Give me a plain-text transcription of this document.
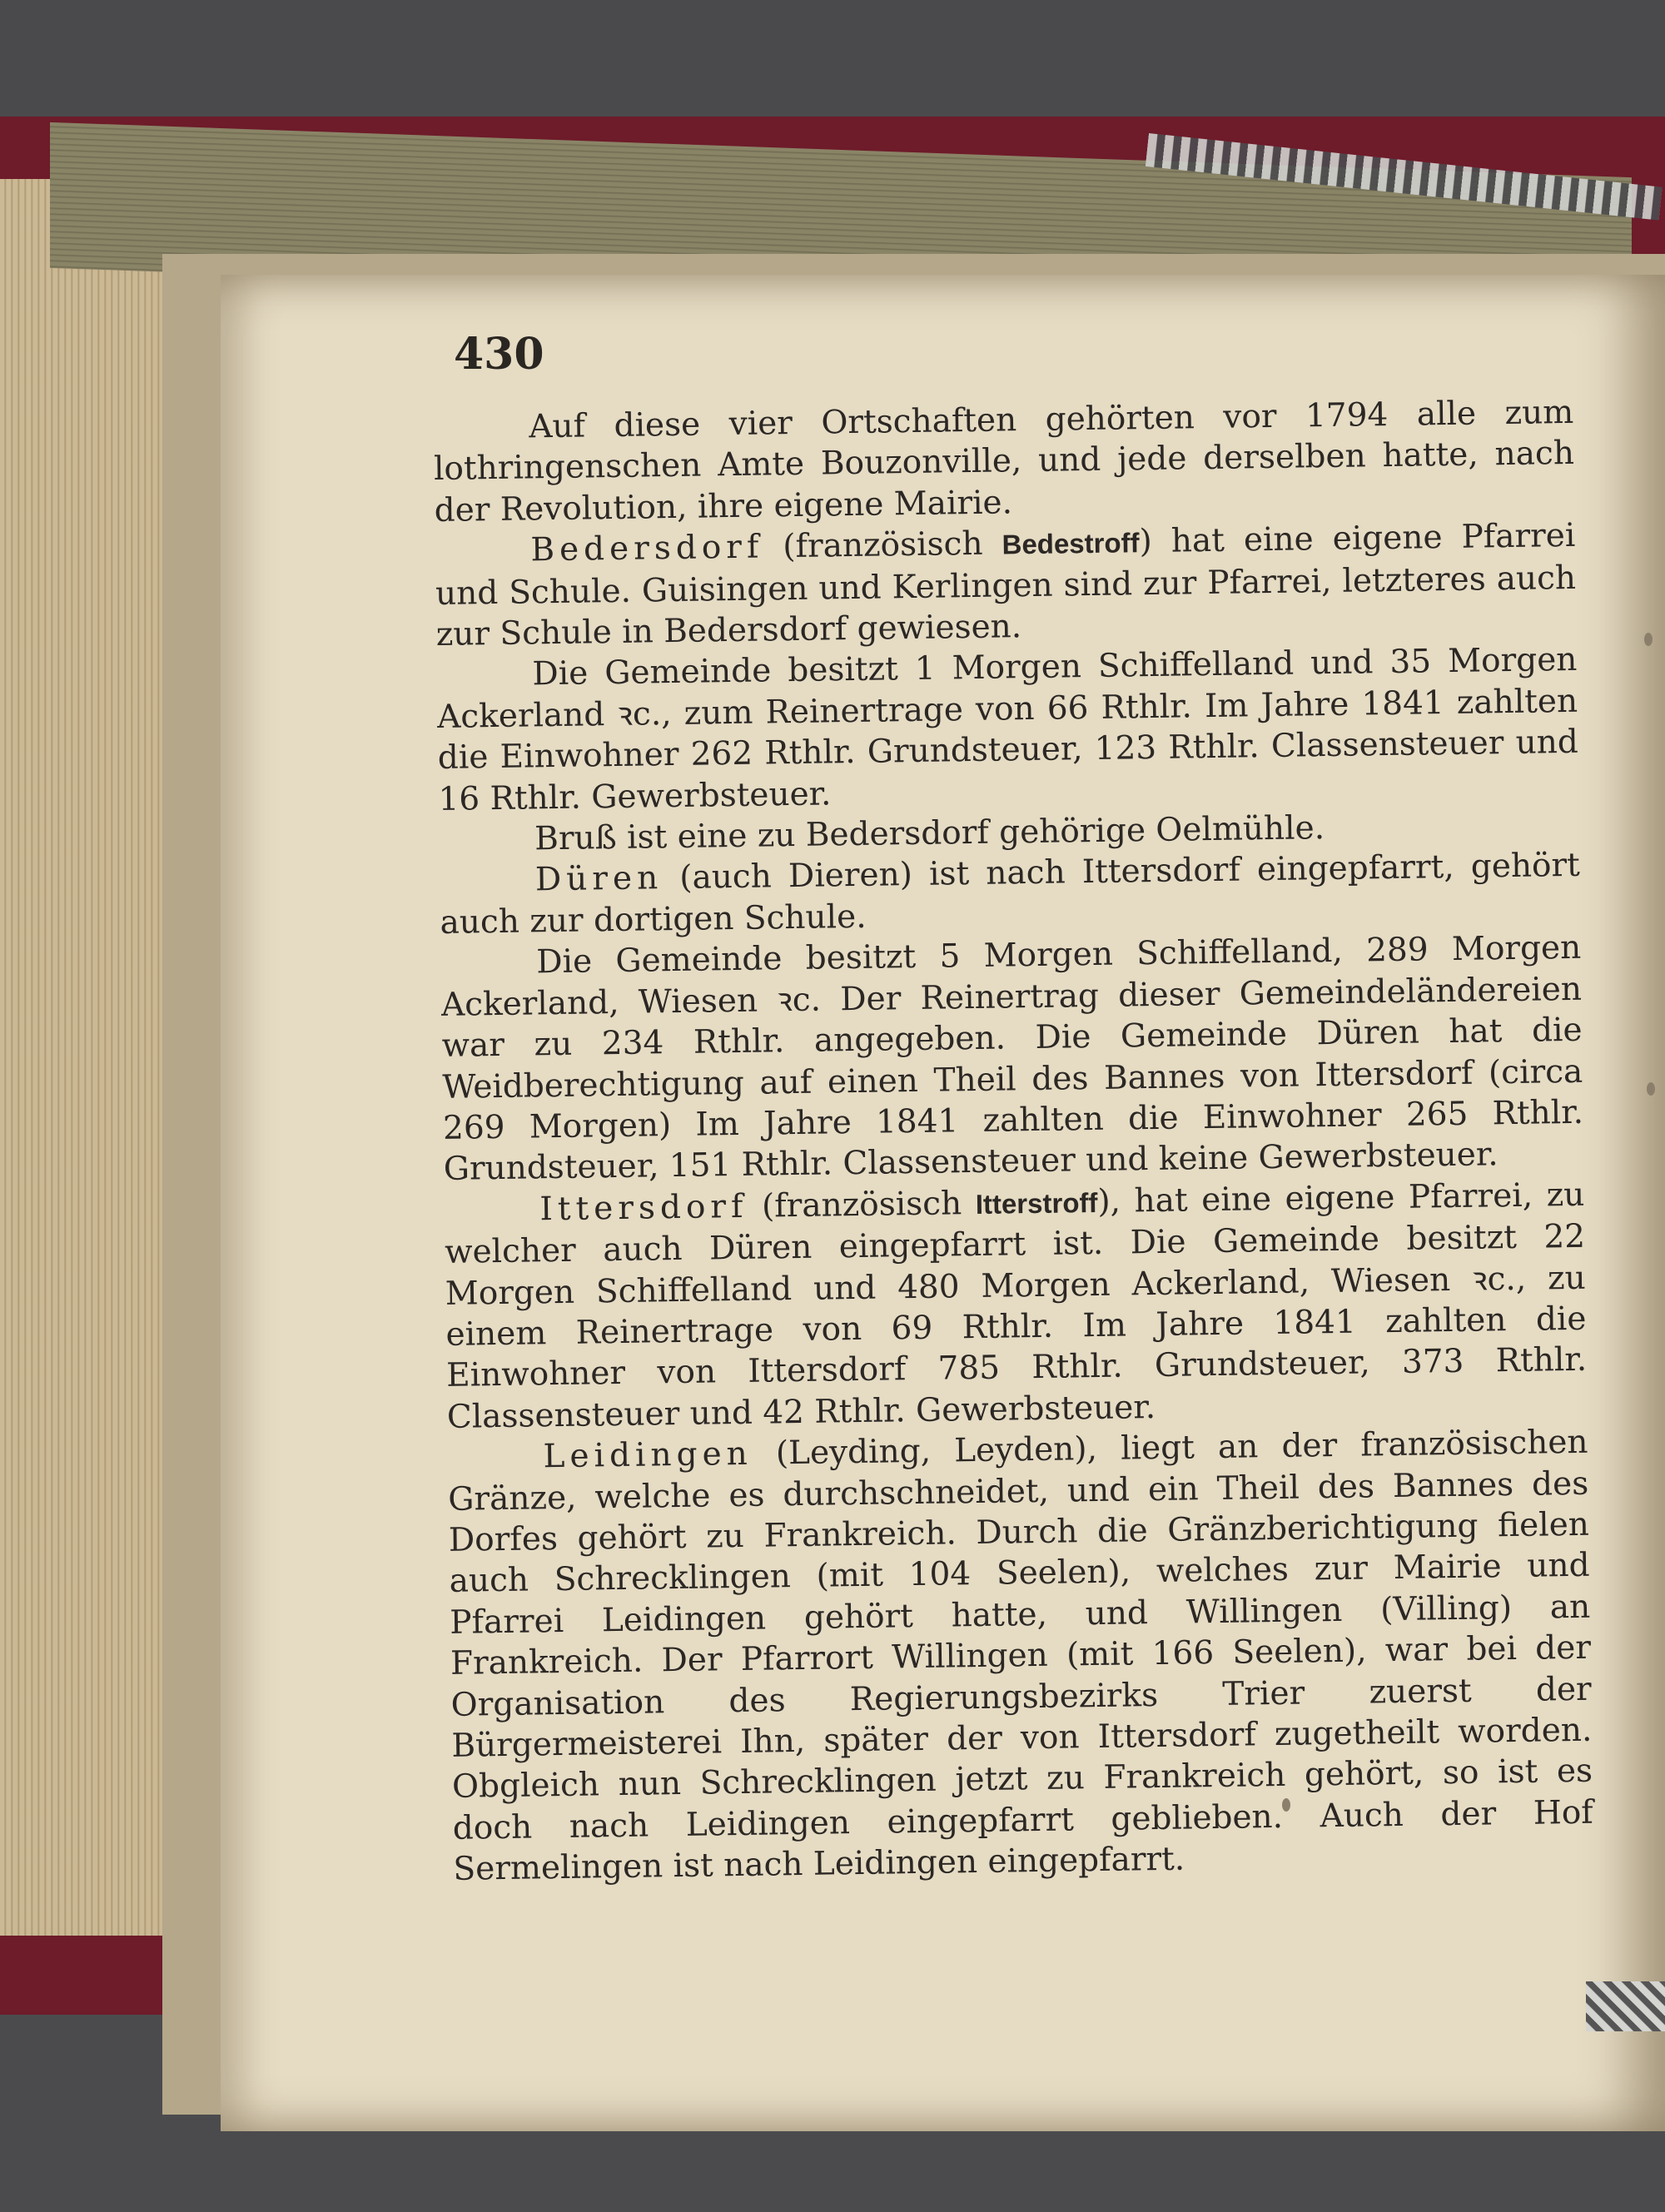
430

Auf diese vier Ortschaften gehörten vor 1794 alle zum lothringenschen Amte Bouzonville, und jede derselben hatte, nach der Revolution, ihre eigene Mairie.

Bedersdorf (französisch Bedestroff) hat eine eigene Pfarrei und Schule. Guisingen und Kerlingen sind zur Pfarrei, letzteres auch zur Schule in Bedersdorf gewiesen.

Die Gemeinde besitzt 1 Morgen Schiffelland und 35 Morgen Ackerland ꝛc., zum Reinertrage von 66 Rthlr. Im Jahre 1841 zahlten die Einwohner 262 Rthlr. Grundsteuer, 123 Rthlr. Classensteuer und 16 Rthlr. Gewerbsteuer.

Bruß ist eine zu Bedersdorf gehörige Oelmühle.

Düren (auch Dieren) ist nach Ittersdorf eingepfarrt, gehört auch zur dortigen Schule.

Die Gemeinde besitzt 5 Morgen Schiffelland, 289 Morgen Ackerland, Wiesen ꝛc. Der Reinertrag dieser Gemeindeländereien war zu 234 Rthlr. angegeben. Die Gemeinde Düren hat die Weidberechtigung auf einen Theil des Bannes von Ittersdorf (circa 269 Morgen) Im Jahre 1841 zahlten die Einwohner 265 Rthlr. Grundsteuer, 151 Rthlr. Classensteuer und keine Gewerbsteuer.

Ittersdorf (französisch Itterstroff), hat eine eigene Pfarrei, zu welcher auch Düren eingepfarrt ist. Die Gemeinde besitzt 22 Morgen Schiffelland und 480 Morgen Ackerland, Wiesen ꝛc., zu einem Reinertrage von 69 Rthlr. Im Jahre 1841 zahlten die Einwohner von Ittersdorf 785 Rthlr. Grundsteuer, 373 Rthlr. Classensteuer und 42 Rthlr. Gewerbsteuer.

Leidingen (Leyding, Leyden), liegt an der französischen Gränze, welche es durchschneidet, und ein Theil des Bannes des Dorfes gehört zu Frankreich. Durch die Gränzberichtigung fielen auch Schrecklingen (mit 104 Seelen), welches zur Mairie und Pfarrei Leidingen gehört hatte, und Willingen (Villing) an Frankreich. Der Pfarrort Willingen (mit 166 Seelen), war bei der Organisation des Regierungsbezirks Trier zuerst der Bürgermeisterei Ihn, später der von Ittersdorf zugetheilt worden. Obgleich nun Schrecklingen jetzt zu Frankreich gehört, so ist es doch nach Leidingen eingepfarrt geblieben. Auch der Hof Sermelingen ist nach Leidingen eingepfarrt.
